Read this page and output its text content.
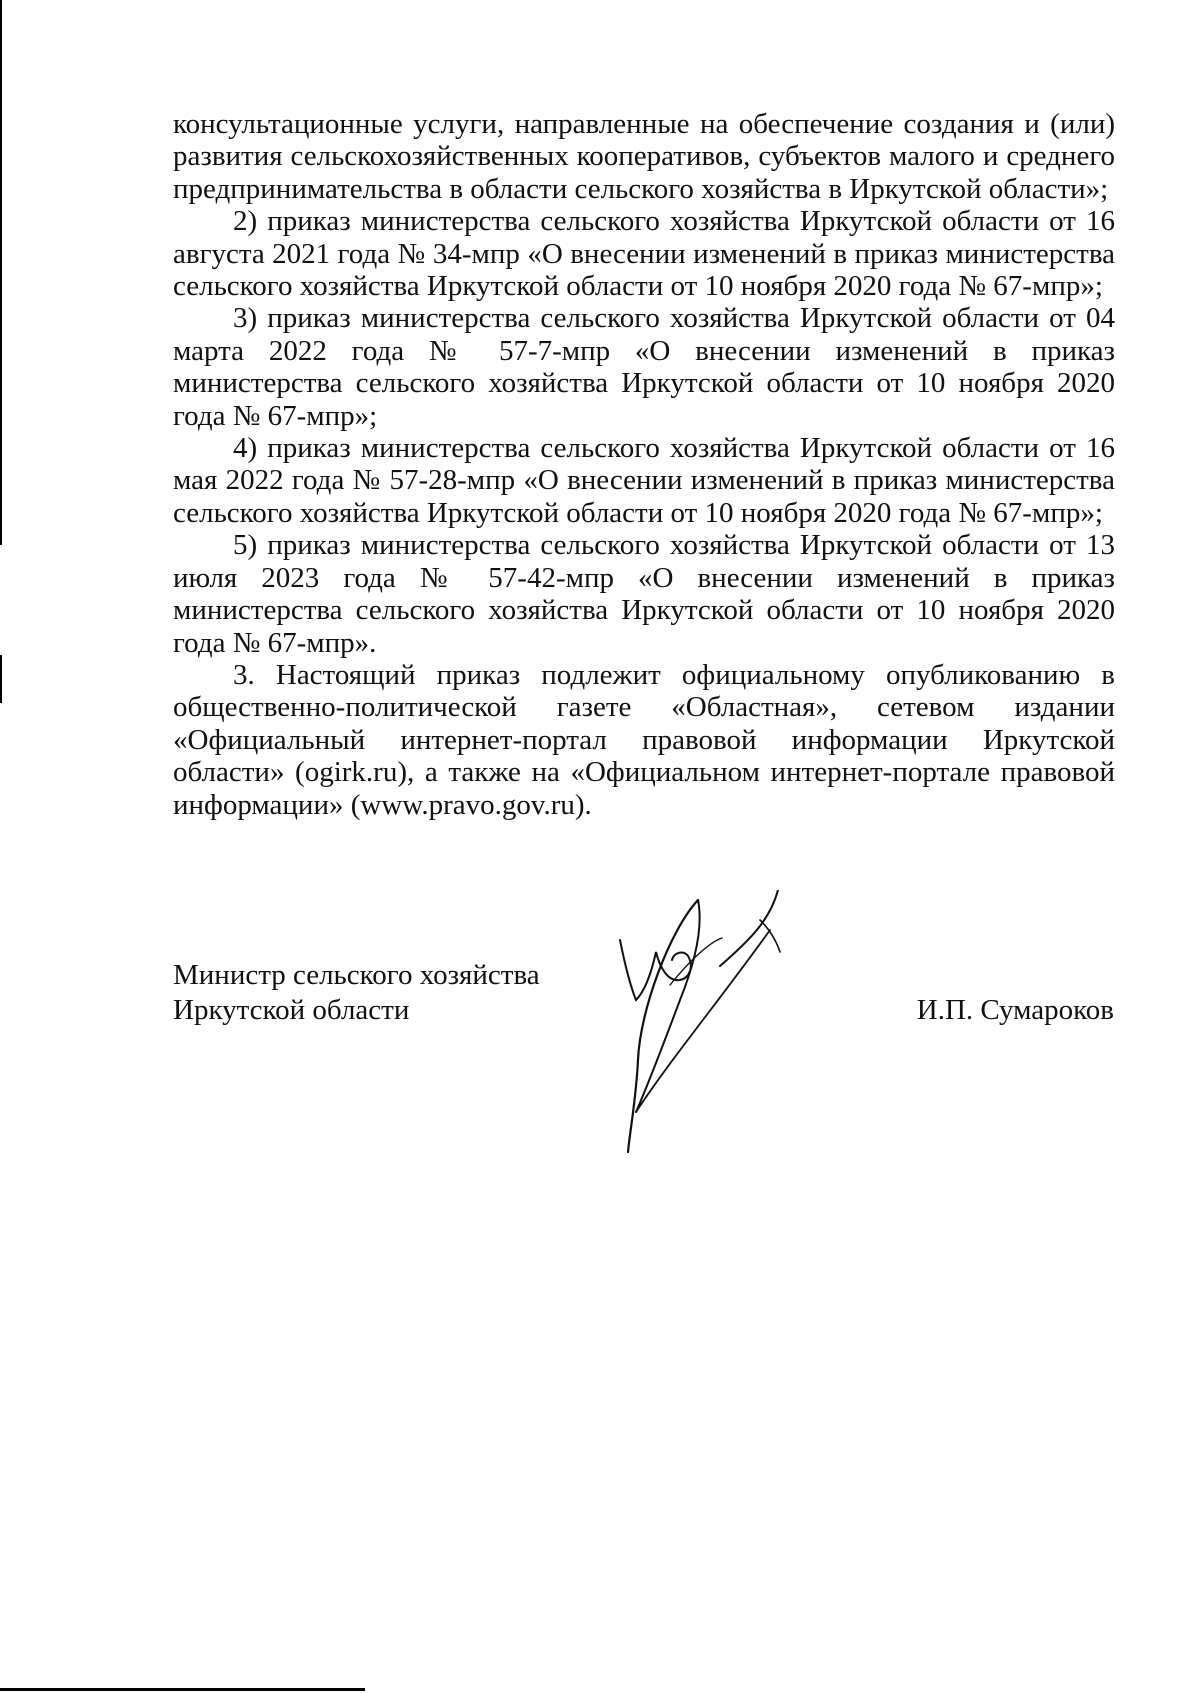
консультационные услуги, направленные на обеспечение создания и (или) развития сельскохозяйственных кооперативов, субъектов малого и среднего предпринимательства в области сельского хозяйства в Иркутской области»;

2) приказ министерства сельского хозяйства Иркутской области от 16 августа 2021 года № 34-мпр «О внесении изменений в приказ министерства сельского хозяйства Иркутской области от 10 ноября 2020 года № 67-мпр»;

3) приказ министерства сельского хозяйства Иркутской области от 04 марта 2022 года № 57-7-мпр «О внесении изменений в приказ министерства сельского хозяйства Иркутской области от 10 ноября 2020 года № 67-мпр»;

4) приказ министерства сельского хозяйства Иркутской области от 16 мая 2022 года № 57-28-мпр «О внесении изменений в приказ министерства сельского хозяйства Иркутской области от 10 ноября 2020 года № 67-мпр»;

5) приказ министерства сельского хозяйства Иркутской области от 13 июля 2023 года № 57-42-мпр «О внесении изменений в приказ министерства сельского хозяйства Иркутской области от 10 ноября 2020 года № 67-мпр».

3. Настоящий приказ подлежит официальному опубликованию в общественно-политической газете «Областная», сетевом издании «Официальный интернет-портал правовой информации Иркутской области» (ogirk.ru), а также на «Официальном интернет-портале правовой информации» (www.pravo.gov.ru).

Министр сельского хозяйства
Иркутской области	И.П. Сумароков
